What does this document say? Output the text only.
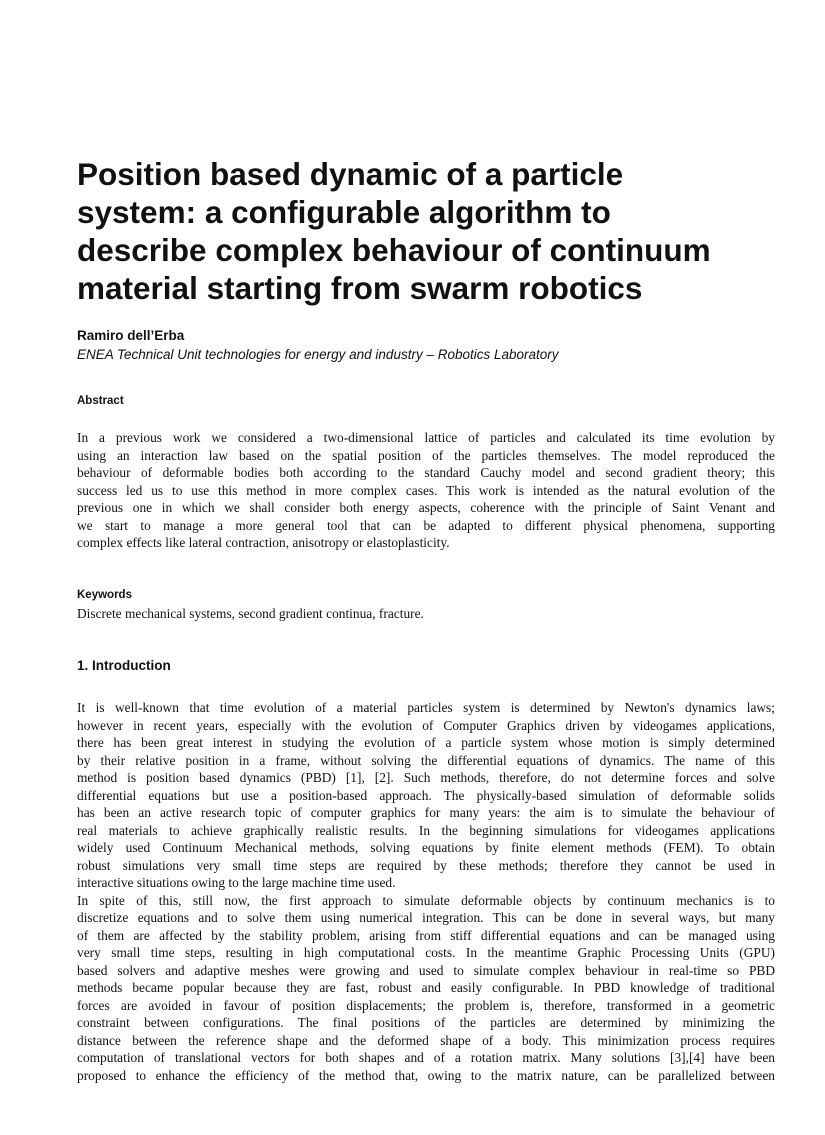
Position based dynamic of a particle
system: a configurable algorithm to
describe complex behaviour of continuum
material starting from swarm robotics

Ramiro dell’Erba

ENEA Technical Unit technologies for energy and industry – Robotics Laboratory

Abstract
In a previous work we considered a two-dimensional lattice of particles and calculated its time evolution by
using an interaction law based on the spatial position of the particles themselves. The model reproduced the
behaviour of deformable bodies both according to the standard Cauchy model and second gradient theory; this
success led us to use this method in more complex cases. This work is intended as the natural evolution of the
previous one in which we shall consider both energy aspects, coherence with the principle of Saint Venant and
we start to manage a more general tool that can be adapted to different physical phenomena, supporting
complex effects like lateral contraction, anisotropy or elastoplasticity.
Keywords

Discrete mechanical systems, second gradient continua, fracture.

1. Introduction
It is well-known that time evolution of a material particles system is determined by Newton's dynamics laws;
however in recent years, especially with the evolution of Computer Graphics driven by videogames applications,
there has been great interest in studying the evolution of a particle system whose motion is simply determined
by their relative position in a frame, without solving the differential equations of dynamics. The name of this
method is position based dynamics (PBD) [1], [2]. Such methods, therefore, do not determine forces and solve
differential equations but use a position-based approach. The physically-based simulation of deformable solids
has been an active research topic of computer graphics for many years: the aim is to simulate the behaviour of
real materials to achieve graphically realistic results. In the beginning simulations for videogames applications
widely used Continuum Mechanical methods, solving equations by finite element methods (FEM). To obtain
robust simulations very small time steps are required by these methods; therefore they cannot be used in
interactive situations owing to the large machine time used.
In spite of this, still now, the first approach to simulate deformable objects by continuum mechanics is to
discretize equations and to solve them using numerical integration. This can be done in several ways, but many
of them are affected by the stability problem, arising from stiff differential equations and can be managed using
very small time steps, resulting in high computational costs. In the meantime Graphic Processing Units (GPU)
based solvers and adaptive meshes were growing and used to simulate complex behaviour in real-time so PBD
methods became popular because they are fast, robust and easily configurable. In PBD knowledge of traditional
forces are avoided in favour of position displacements; the problem is, therefore, transformed in a geometric
constraint between configurations. The final positions of the particles are determined by minimizing the
distance between the reference shape and the deformed shape of a body. This minimization process requires
computation of translational vectors for both shapes and of a rotation matrix. Many solutions [3],[4] have been
proposed to enhance the efficiency of the method that, owing to the matrix nature, can be parallelized between
